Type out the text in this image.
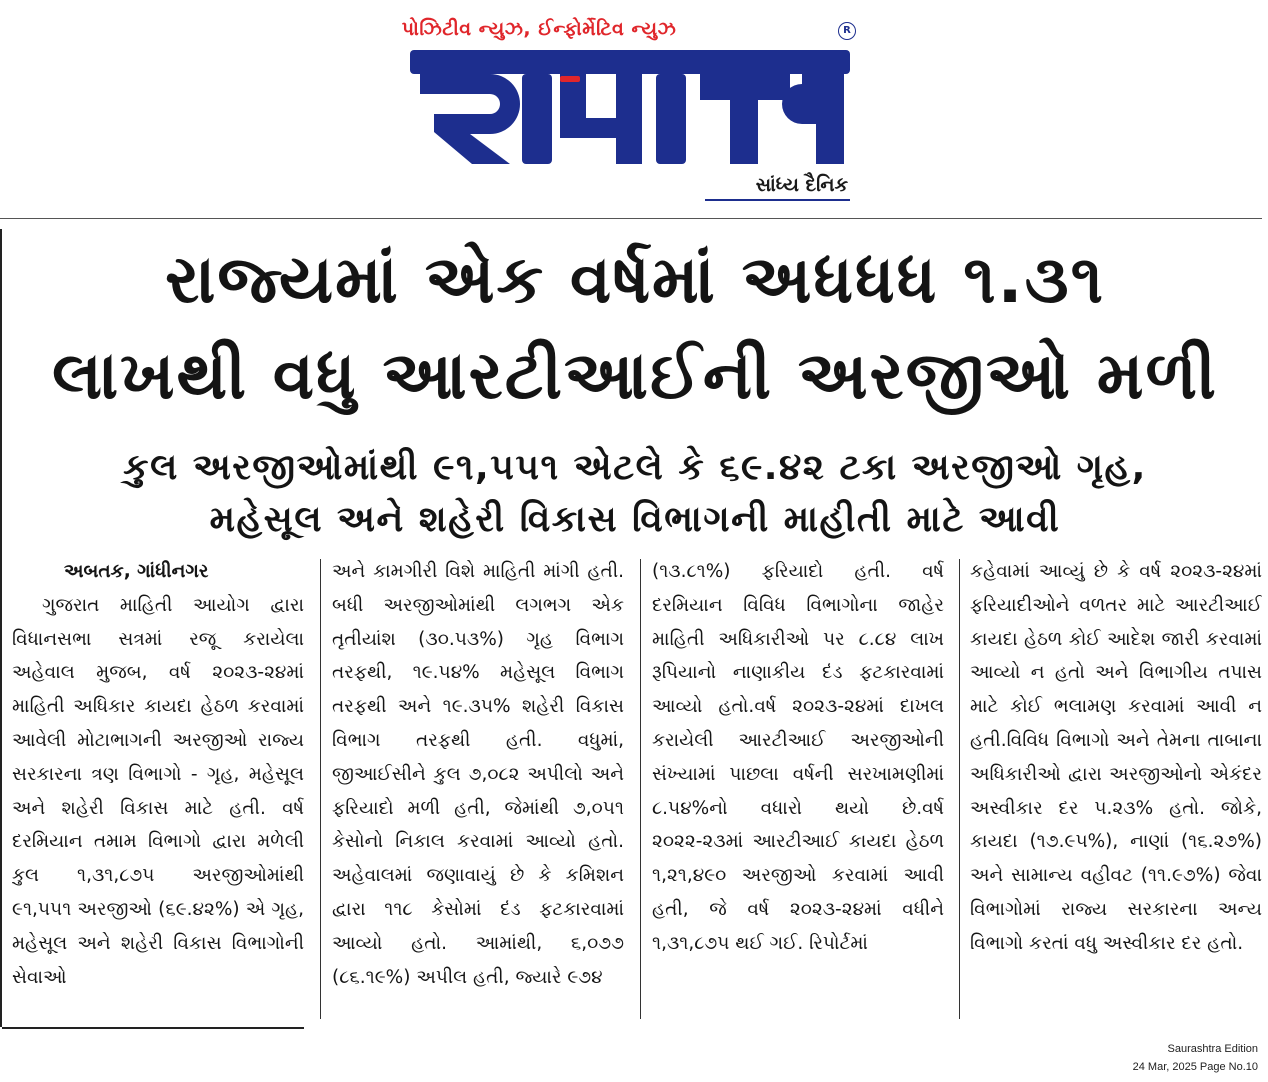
પોઝિટીવ ન્યુઝ, ઈન્ફોર્મેટિવ ન્યુઝ	R
સાંધ્ય દૈનિક
રાજ્યમાં એક વર્ષમાં અધધધ ૧.૩૧
લાખથી વધુ આરટીઆઈની અરજીઓ મળી
કુલ અરજીઓમાંથી ૯૧,૫૫૧ એટલે કે ૬૯.૪૨ ટકા અરજીઓ ગૃહ,
મહેસૂલ અને શહેરી વિકાસ વિભાગની માહીતી માટે આવી
અબતક, ગાંધીનગર
ગુજરાત માહિતી આયોગ દ્વારા વિધાનસભા સત્રમાં રજૂ કરાયેલા અહેવાલ મુજબ, વર્ષ ૨૦૨૩-૨૪માં માહિતી અધિકાર કાયદા હેઠળ કરવામાં આવેલી મોટાભાગની અરજીઓ રાજ્ય સરકારના ત્રણ વિભાગો - ગૃહ, મહેસૂલ અને શહેરી વિકાસ માટે હતી. વર્ષ દરમિયાન તમામ વિભાગો દ્વારા મળેલી કુલ ૧,૩૧,૮૭૫ અરજીઓમાંથી ૯૧,૫૫૧ અરજીઓ (૬૯.૪૨%) એ ગૃહ, મહેસૂલ અને શહેરી વિકાસ વિભાગોની સેવાઓ
અને કામગીરી વિશે માહિતી માંગી હતી. બધી અરજીઓમાંથી લગભગ એક તૃતીયાંશ (૩૦.૫૩%) ગૃહ વિભાગ તરફથી, ૧૯.૫૪% મહેસૂલ વિભાગ તરફથી અને ૧૯.૩૫% શહેરી વિકાસ વિભાગ તરફથી હતી. વધુમાં, જીઆઈસીને કુલ ૭,૦૮૨ અપીલો અને ફરિયાદો મળી હતી, જેમાંથી ૭,૦૫૧ કેસોનો નિકાલ કરવામાં આવ્યો હતો. અહેવાલમાં જણાવાયું છે કે કમિશન દ્વારા ૧૧૮ કેસોમાં દંડ ફટકારવામાં આવ્યો હતો. આમાંથી, ૬,૦૭૭ (૮૬.૧૯%) અપીલ હતી, જ્યારે ૯૭૪
(૧૩.૮૧%) ફરિયાદો હતી. વર્ષ દરમિયાન વિવિધ વિભાગોના જાહેર માહિતી અધિકારીઓ પર ૮.૮૪ લાખ રૂપિયાનો નાણાકીય દંડ ફટકારવામાં આવ્યો હતો.વર્ષ ૨૦૨૩-૨૪માં દાખલ કરાયેલી આરટીઆઈ અરજીઓની સંખ્યામાં પાછલા વર્ષની સરખામણીમાં ૮.૫૪%નો વધારો થયો છે.વર્ષ ૨૦૨૨-૨૩માં આરટીઆઈ કાયદા હેઠળ ૧,૨૧,૪૯૦ અરજીઓ કરવામાં આવી હતી, જે વર્ષ ૨૦૨૩-૨૪માં વધીને ૧,૩૧,૮૭૫ થઈ ગઈ. રિપોર્ટમાં
કહેવામાં આવ્યું છે કે વર્ષ ૨૦૨૩-૨૪માં ફરિયાદીઓને વળતર માટે આરટીઆઈ કાયદા હેઠળ કોઈ આદેશ જારી કરવામાં આવ્યો ન હતો અને વિભાગીય તપાસ માટે કોઈ ભલામણ કરવામાં આવી ન હતી.વિવિધ વિભાગો અને તેમના તાબાના અધિકારીઓ દ્વારા અરજીઓનો એકંદર અસ્વીકાર દર ૫.૨૩% હતો. જોકે, કાયદા (૧૭.૯૫%), નાણાં (૧૬.૨૭%) અને સામાન્ય વહીવટ (૧૧.૯૭%) જેવા વિભાગોમાં રાજ્ય સરકારના અન્ય વિભાગો કરતાં વધુ અસ્વીકાર દર હતો.
Saurashtra Edition
24 Mar, 2025 Page No.10
